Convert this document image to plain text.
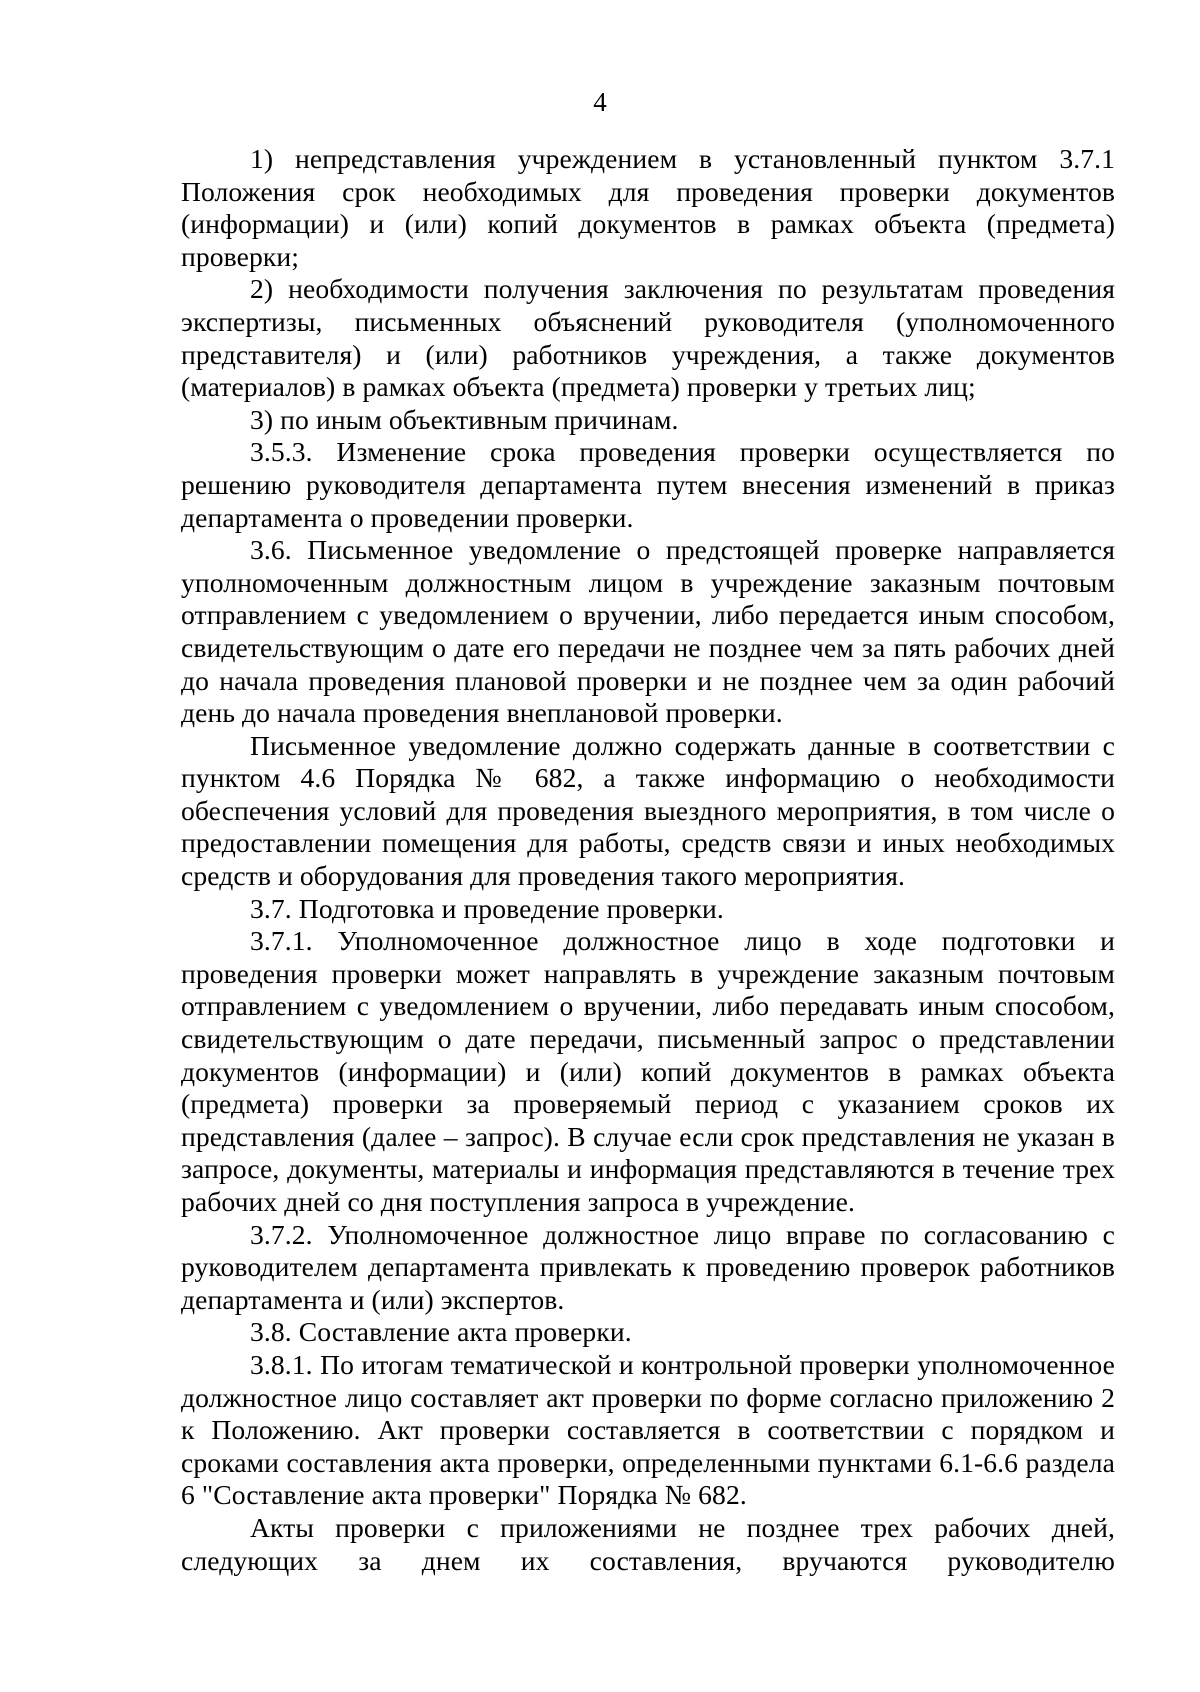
4

1) непредставления учреждением в установленный пунктом 3.7.1 Положения срок необходимых для проведения проверки документов (информации) и (или) копий документов в рамках объекта (предмета) проверки;

2) необходимости получения заключения по результатам проведения экспертизы, письменных объяснений руководителя (уполномоченного представителя) и (или) работников учреждения, а также документов (материалов) в рамках объекта (предмета) проверки у третьих лиц;

3) по иным объективным причинам.

3.5.3. Изменение срока проведения проверки осуществляется по решению руководителя департамента путем внесения изменений в приказ департамента о проведении проверки.

3.6. Письменное уведомление о предстоящей проверке направляется уполномоченным должностным лицом в учреждение заказным почтовым отправлением с уведомлением о вручении, либо передается иным способом, свидетельствующим о дате его передачи не позднее чем за пять рабочих дней до начала проведения плановой проверки и не позднее чем за один рабочий день до начала проведения внеплановой проверки.

Письменное уведомление должно содержать данные в соответствии с пунктом 4.6 Порядка № 682, а также информацию о необходимости обеспечения условий для проведения выездного мероприятия, в том числе о предоставлении помещения для работы, средств связи и иных необходимых средств и оборудования для проведения такого мероприятия.

3.7. Подготовка и проведение проверки.

3.7.1. Уполномоченное должностное лицо в ходе подготовки и проведения проверки может направлять в учреждение заказным почтовым отправлением с уведомлением о вручении, либо передавать иным способом, свидетельствующим о дате передачи, письменный запрос о представлении документов (информации) и (или) копий документов в рамках объекта (предмета) проверки за проверяемый период с указанием сроков их представления (далее – запрос). В случае если срок представления не указан в запросе, документы, материалы и информация представляются в течение трех рабочих дней со дня поступления запроса в учреждение.

3.7.2. Уполномоченное должностное лицо вправе по согласованию с руководителем департамента привлекать к проведению проверок работников департамента и (или) экспертов.

3.8. Составление акта проверки.

3.8.1. По итогам тематической и контрольной проверки уполномоченное должностное лицо составляет акт проверки по форме согласно приложению 2 к Положению. Акт проверки составляется в соответствии с порядком и сроками составления акта проверки, определенными пунктами 6.1-6.6 раздела 6 "Составление акта проверки" Порядка № 682.

Акты проверки с приложениями не позднее трех рабочих дней, следующих за днем их составления, вручаются руководителю
